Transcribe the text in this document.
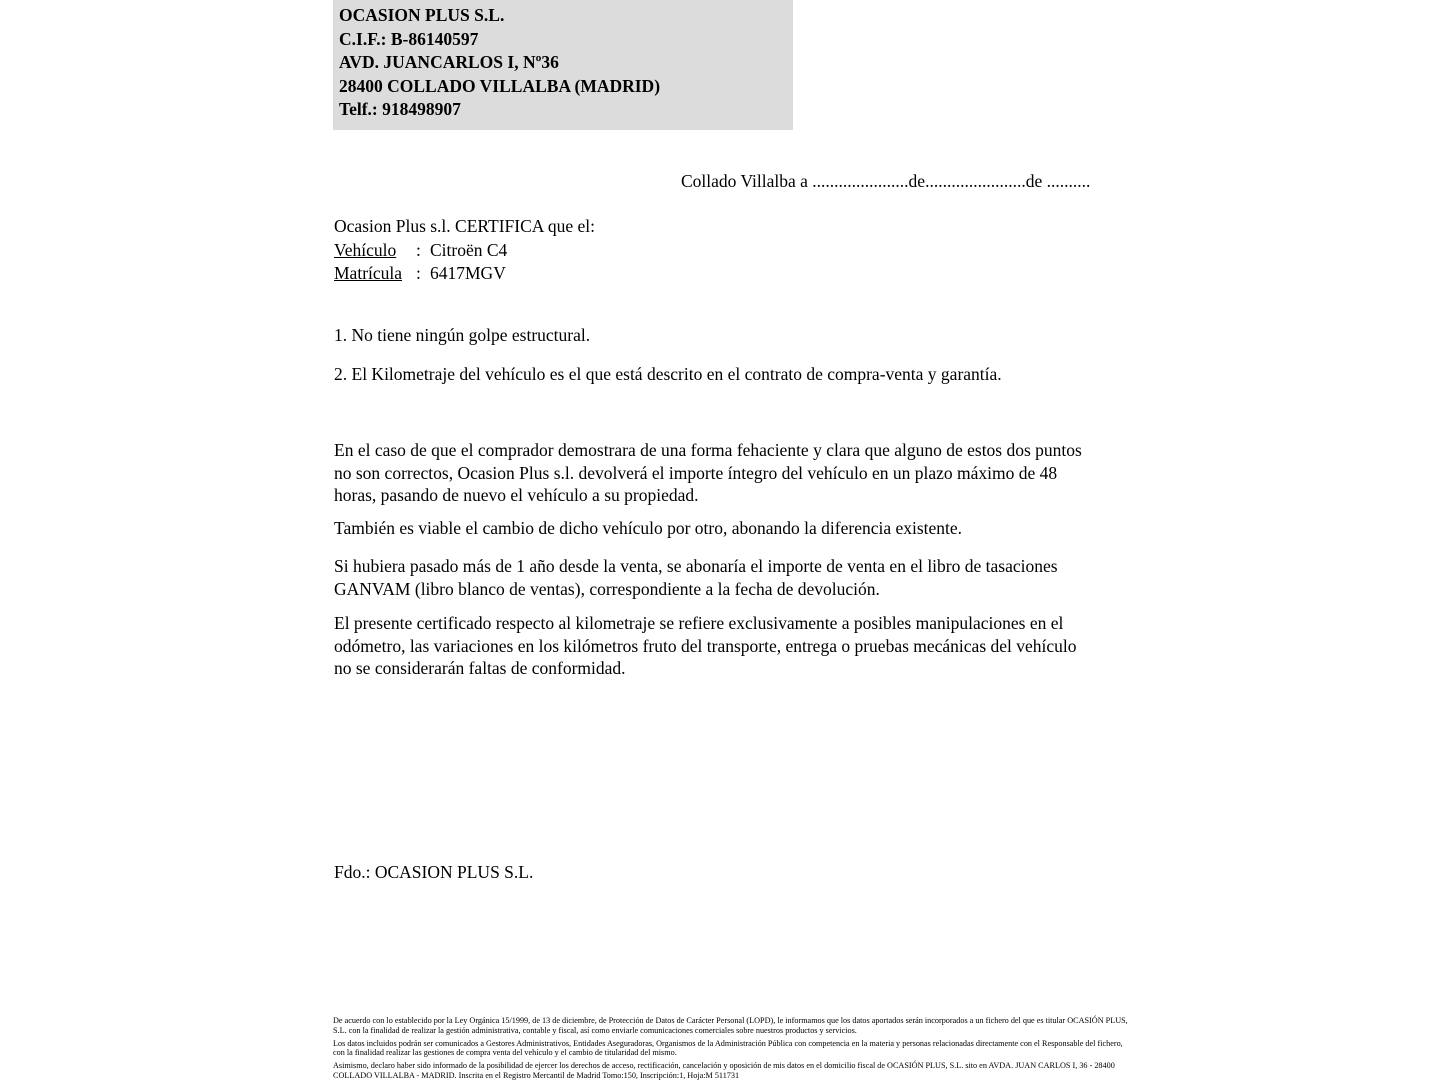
OCASION PLUS S.L.
C.I.F.: B-86140597
AVD. JUANCARLOS I, Nº36
28400 COLLADO VILLALBA (MADRID)
Telf.: 918498907
Collado Villalba a ......................de.......................de ..........
Ocasion Plus s.l. CERTIFICA que el:
Vehículo : Citroën C4
Matrícula : 6417MGV
1. No tiene ningún golpe estructural.
2. El Kilometraje del vehículo es el que está descrito en el contrato de compra-venta y garantía.
En el caso de que el comprador demostrara de una forma fehaciente y clara que alguno de estos dos puntos no son correctos, Ocasion Plus s.l. devolverá el importe íntegro del vehículo en un plazo máximo de 48 horas, pasando de nuevo el vehículo a su propiedad.
También es viable el cambio de dicho vehículo por otro, abonando la diferencia existente.
Si hubiera pasado más de 1 año desde la venta, se abonaría el importe de venta en el libro de tasaciones GANVAM (libro blanco de ventas), correspondiente a la fecha de devolución.
El presente certificado respecto al kilometraje se refiere exclusivamente a posibles manipulaciones en el odómetro, las variaciones en los kilómetros fruto del transporte, entrega o pruebas mecánicas del vehículo no se considerarán faltas de conformidad.
Fdo.: OCASION PLUS S.L.

De acuerdo con lo establecido por la Ley Orgánica 15/1999, de 13 de diciembre, de Protección de Datos de Carácter Personal (LOPD), le informamos que los datos aportados serán incorporados a un fichero del que es titular OCASIÓN PLUS, S.L. con la finalidad de realizar la gestión administrativa, contable y fiscal, así como enviarle comunicaciones comerciales sobre nuestros productos y servicios.

Los datos incluidos podrán ser comunicados a Gestores Administrativos, Entidades Aseguradoras, Organismos de la Administración Pública con competencia en la materia y personas relacionadas directamente con el Responsable del fichero, con la finalidad realizar las gestiones de compra venta del vehículo y el cambio de titularidad del mismo.

Asimismo, declaro haber sido informado de la posibilidad de ejercer los derechos de acceso, rectificación, cancelación y oposición de mis datos en el domicilio fiscal de OCASIÓN PLUS, S.L. sito en AVDA. JUAN CARLOS I, 36 - 28400 COLLADO VILLALBA - MADRID. Inscrita en el Registro Mercantil de Madrid Tomo:150, Inscripción:1, Hoja:M 511731
